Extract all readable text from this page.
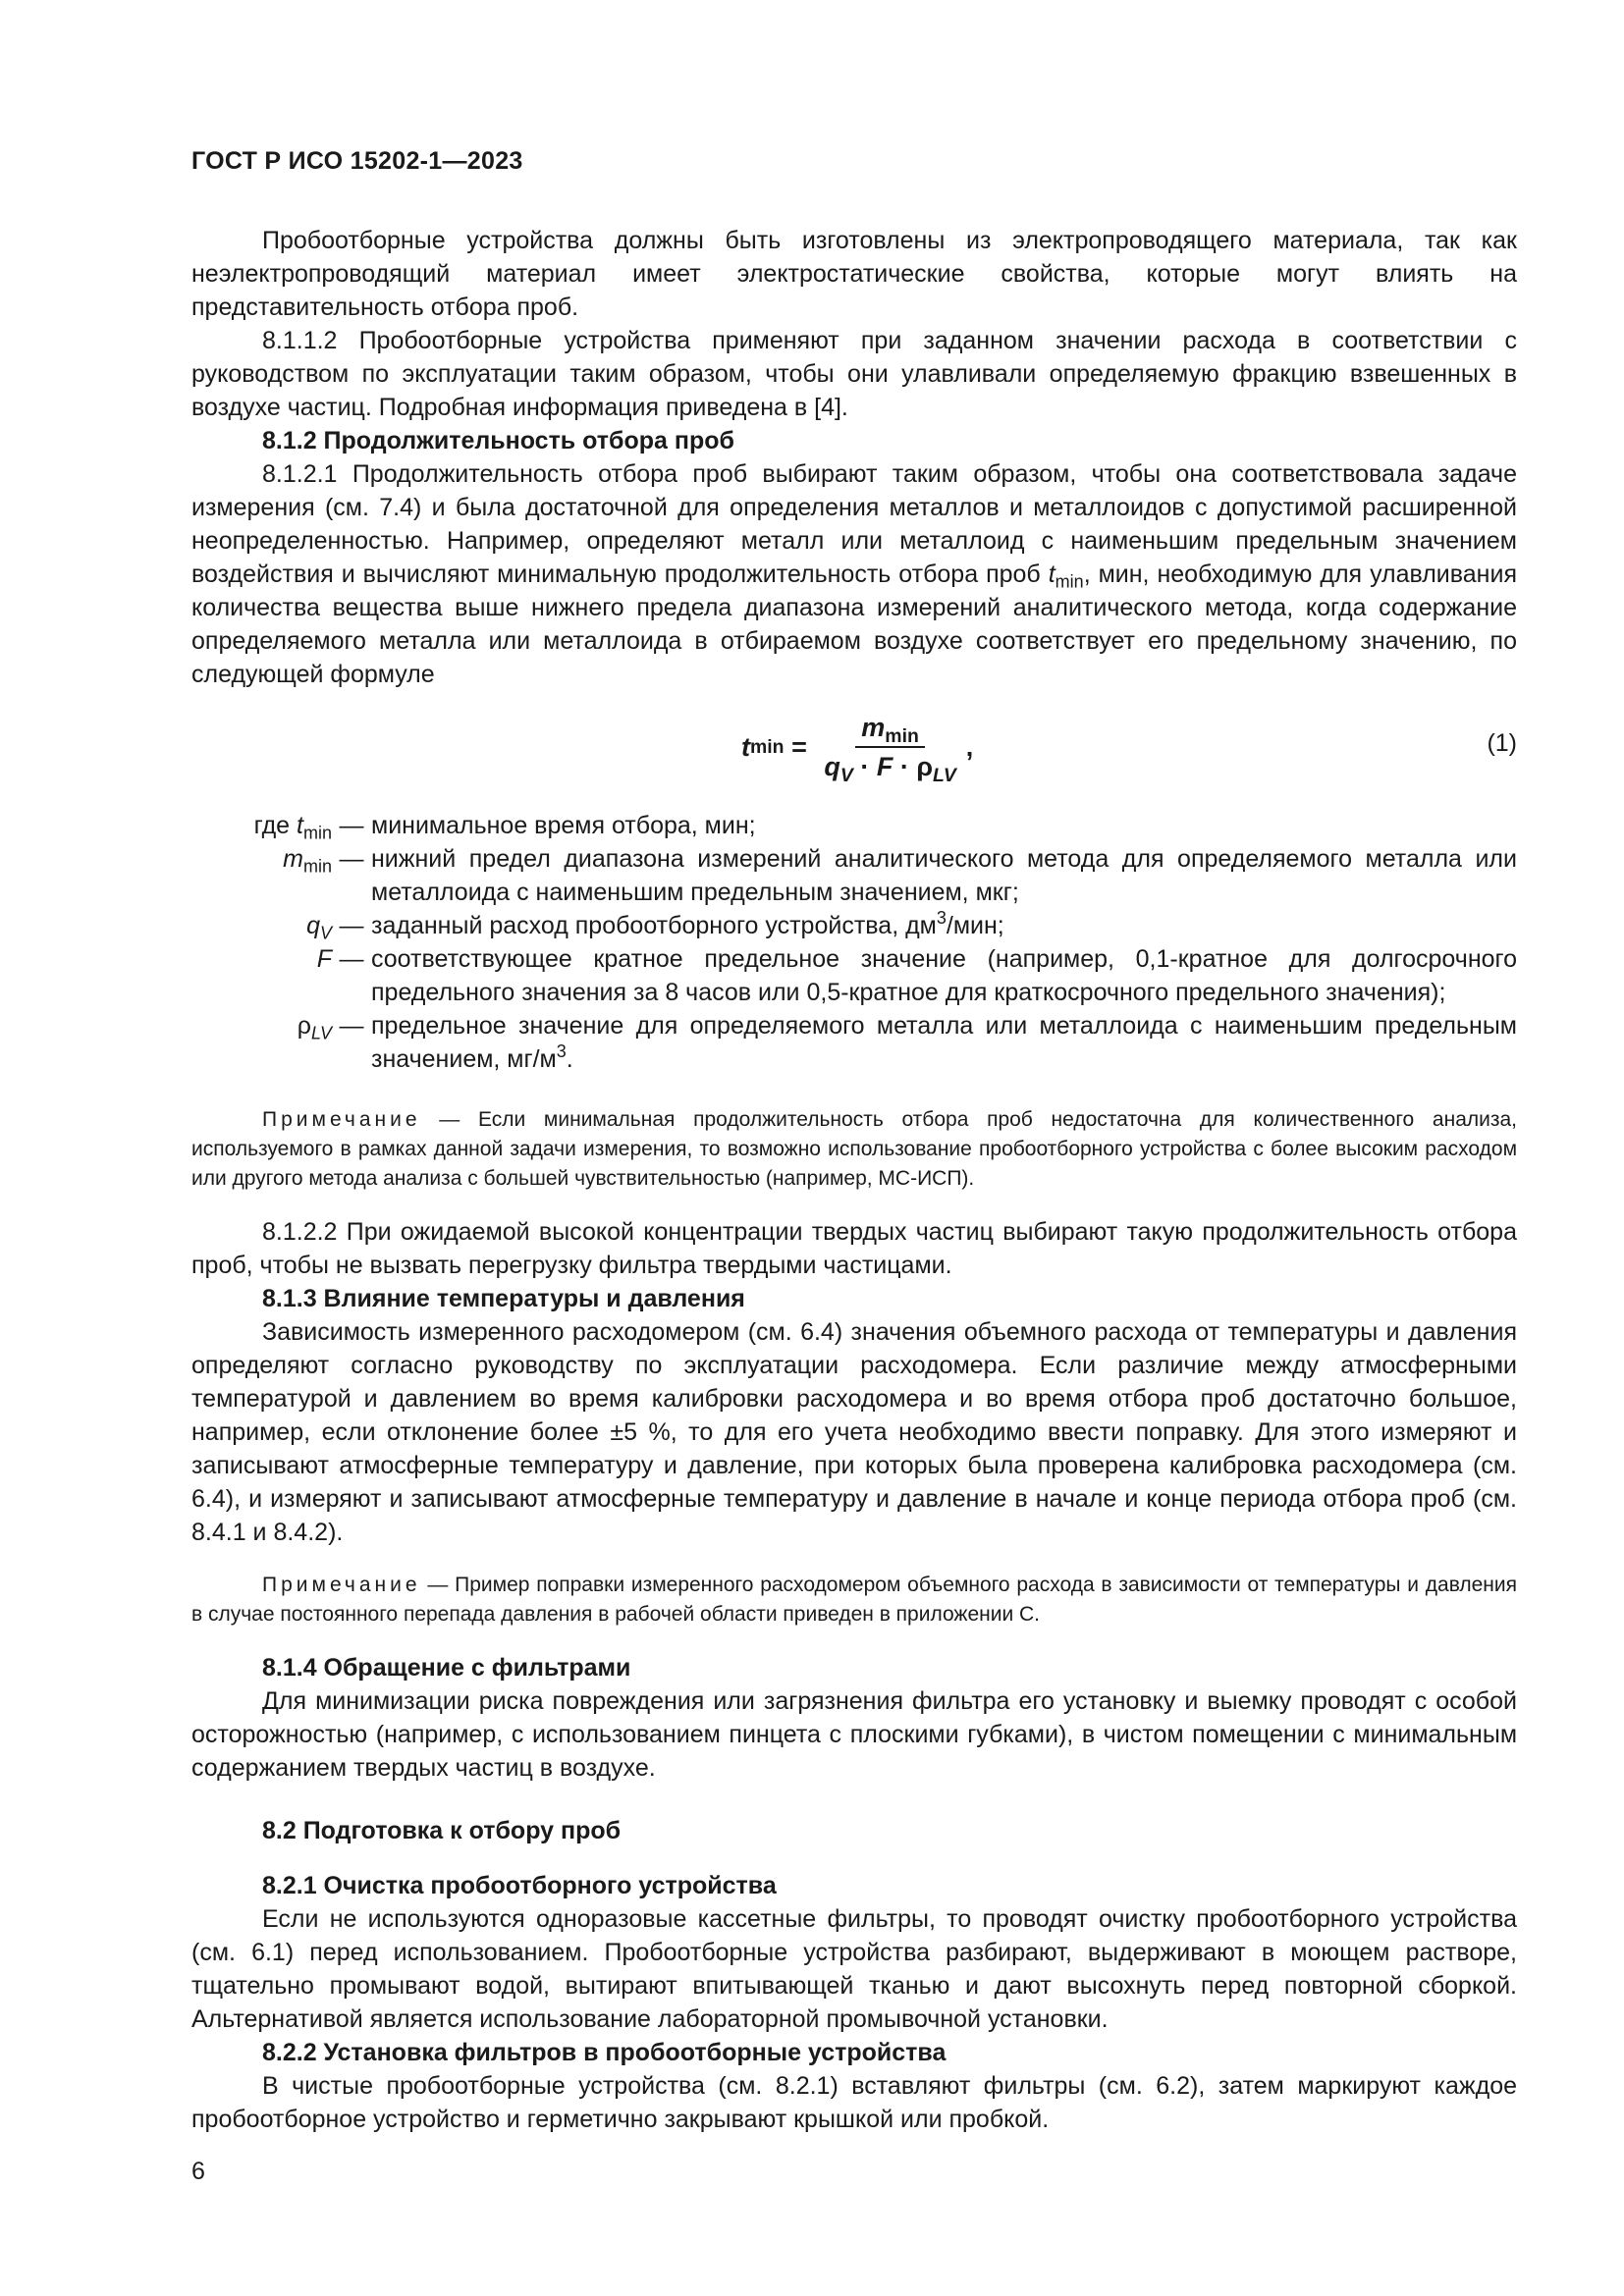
ГОСТ Р ИСО 15202-1—2023

Пробоотборные устройства должны быть изготовлены из электропроводящего материала, так как неэлектропроводящий материал имеет электростатические свойства, которые могут влиять на представительность отбора проб.

8.1.1.2 Пробоотборные устройства применяют при заданном значении расхода в соответствии с руководством по эксплуатации таким образом, чтобы они улавливали определяемую фракцию взвешенных в воздухе частиц. Подробная информация приведена в [4].

8.1.2 Продолжительность отбора проб

8.1.2.1 Продолжительность отбора проб выбирают таким образом, чтобы она соответствовала задаче измерения (см. 7.4) и была достаточной для определения металлов и металлоидов с допустимой расширенной неопределенностью. Например, определяют металл или металлоид с наименьшим предельным значением воздействия и вычисляют минимальную продолжительность отбора проб $t_{min}$, мин, необходимую для улавливания количества вещества выше нижнего предела диапазона измерений аналитического метода, когда содержание определяемого металла или металлоида в отбираемом воздухе соответствует его предельному значению, по следующей формуле

t $\min = \frac{m_{min}}{q_V \cdot F \cdot \rho_{LV}}$ ,	(1)
где $t_{min}$ — минимальное время отбора, мин;
$m_{min}$ — нижний предел диапазона измерений аналитического метода для определяемого металла или металлоида с наименьшим предельным значением, мкг;
$q_V$ — заданный расход пробоотборного устройства, $дм^3$/мин;
F — соответствующее кратное предельное значение (например, 0,1-кратное для долгосрочного предельного значения за 8 часов или 0,5-кратное для краткосрочного предельного значения);
$\rho_{LV}$ — предельное значение для определяемого металла или металлоида с наименьшим предельным значением, $мг/м^3$.

Примечание — Если минимальная продолжительность отбора проб недостаточна для количественного анализа, используемого в рамках данной задачи измерения, то возможно использование пробоотборного устройства с более высоким расходом или другого метода анализа с большей чувствительностью (например, МС-ИСП).

8.1.2.2 При ожидаемой высокой концентрации твердых частиц выбирают такую продолжительность отбора проб, чтобы не вызвать перегрузку фильтра твердыми частицами.

8.1.3 Влияние температуры и давления

Зависимость измеренного расходомером (см. 6.4) значения объемного расхода от температуры и давления определяют согласно руководству по эксплуатации расходомера. Если различие между атмосферными температурой и давлением во время калибровки расходомера и во время отбора проб достаточно большое, например, если отклонение более ±5 %, то для его учета необходимо ввести поправку. Для этого измеряют и записывают атмосферные температуру и давление, при которых была проверена калибровка расходомера (см. 6.4), и измеряют и записывают атмосферные температуру и давление в начале и конце периода отбора проб (см. 8.4.1 и 8.4.2).

Примечание — Пример поправки измеренного расходомером объемного расхода в зависимости от температуры и давления в случае постоянного перепада давления в рабочей области приведен в приложении С.

8.1.4 Обращение с фильтрами

Для минимизации риска повреждения или загрязнения фильтра его установку и выемку проводят с особой осторожностью (например, с использованием пинцета с плоскими губками), в чистом помещении с минимальным содержанием твердых частиц в воздухе.

8.2 Подготовка к отбору проб

8.2.1 Очистка пробоотборного устройства

Если не используются одноразовые кассетные фильтры, то проводят очистку пробоотборного устройства (см. 6.1) перед использованием. Пробоотборные устройства разбирают, выдерживают в моющем растворе, тщательно промывают водой, вытирают впитывающей тканью и дают высохнуть перед повторной сборкой. Альтернативой является использование лабораторной промывочной установки.

8.2.2 Установка фильтров в пробоотборные устройства

В чистые пробоотборные устройства (см. 8.2.1) вставляют фильтры (см. 6.2), затем маркируют каждое пробоотборное устройство и герметично закрывают крышкой или пробкой.

6
